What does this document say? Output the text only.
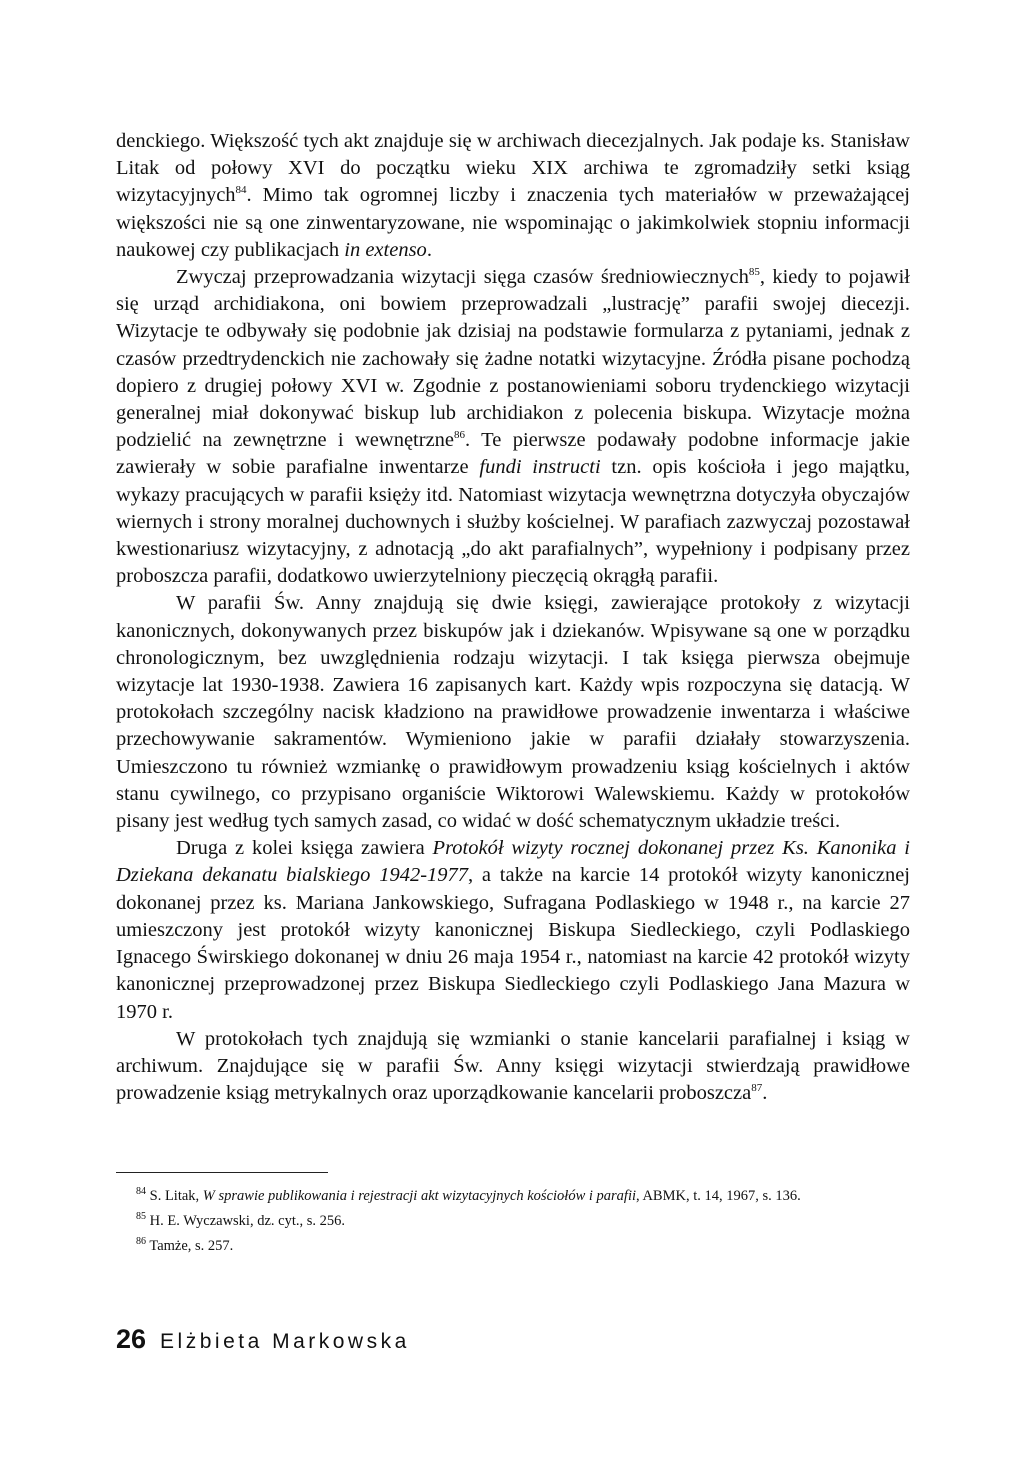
denckiego. Większość tych akt znajduje się w archiwach diecezjalnych. Jak podaje ks. Stanisław Litak od połowy XVI do początku wieku XIX archiwa te zgromadziły setki ksiąg wizytacyjnych$^{84}$. Mimo tak ogromnej liczby i znaczenia tych materiałów w przeważającej większości nie są one zinwentaryzowane, nie wspominając o jakimkolwiek stopniu informacji naukowej czy publikacjach in extenso.

Zwyczaj przeprowadzania wizytacji sięga czasów średniowiecznych$^{85}$, kiedy to pojawił się urząd archidiakona, oni bowiem przeprowadzali „lustrację” parafii swojej diecezji. Wizytacje te odbywały się podobnie jak dzisiaj na podstawie formularza z pytaniami, jednak z czasów przedtrydenckich nie zachowały się żadne notatki wizytacyjne. Źródła pisane pochodzą dopiero z drugiej połowy XVI w. Zgodnie z postanowieniami soboru trydenckiego wizytacji generalnej miał dokonywać biskup lub archidiakon z polecenia biskupa. Wizytacje można podzielić na zewnętrzne i wewnętrzne$^{86}$. Te pierwsze podawały podobne informacje jakie zawierały w sobie parafialne inwentarze fundi instructi tzn. opis kościoła i jego majątku, wykazy pracujących w parafii księży itd. Natomiast wizytacja wewnętrzna dotyczyła obyczajów wiernych i strony moralnej duchownych i służby kościelnej. W parafiach zazwyczaj pozostawał kwestionariusz wizytacyjny, z adnotacją „do akt parafialnych”, wypełniony i podpisany przez proboszcza parafii, dodatkowo uwierzytelniony pieczęcią okrągłą parafii.

W parafii Św. Anny znajdują się dwie księgi, zawierające protokoły z wizytacji kanonicznych, dokonywanych przez biskupów jak i dziekanów. Wpisywane są one w porządku chronologicznym, bez uwzględnienia rodzaju wizytacji. I tak księga pierwsza obejmuje wizytacje lat 1930-1938. Zawiera 16 zapisanych kart. Każdy wpis rozpoczyna się datacją. W protokołach szczególny nacisk kładziono na prawidłowe prowadzenie inwentarza i właściwe przechowywanie sakramentów. Wymieniono jakie w parafii działały stowarzyszenia. Umieszczono tu również wzmiankę o prawidłowym prowadzeniu ksiąg kościelnych i aktów stanu cywilnego, co przypisano organiście Wiktorowi Walewskiemu. Każdy w protokołów pisany jest według tych samych zasad, co widać w dość schematycznym układzie treści.

Druga z kolei księga zawiera Protokół wizyty rocznej dokonanej przez Ks. Kanonika i Dziekana dekanatu bialskiego 1942-1977, a także na karcie 14 protokół wizyty kanonicznej dokonanej przez ks. Mariana Jankowskiego, Sufragana Podlaskiego w 1948 r., na karcie 27 umieszczony jest protokół wizyty kanonicznej Biskupa Siedleckiego, czyli Podlaskiego Ignacego Świrskiego dokonanej w dniu 26 maja 1954 r., natomiast na karcie 42 protokół wizyty kanonicznej przeprowadzonej przez Biskupa Siedleckiego czyli Podlaskiego Jana Mazura w 1970 r.

W protokołach tych znajdują się wzmianki o stanie kancelarii parafialnej i ksiąg w archiwum. Znajdujące się w parafii Św. Anny księgi wizytacji stwierdzają prawidłowe prowadzenie ksiąg metrykalnych oraz uporządkowanie kancelarii proboszcza$^{87}$.

$^{84}$ S. Litak, W sprawie publikowania i rejestracji akt wizytacyjnych kościołów i parafii, ABMK, t. 14, 1967, s. 136.

$^{85}$ H. E. Wyczawski, dz. cyt., s. 256.

$^{86}$ Tamże, s. 257.

26 Elżbieta Markowska
